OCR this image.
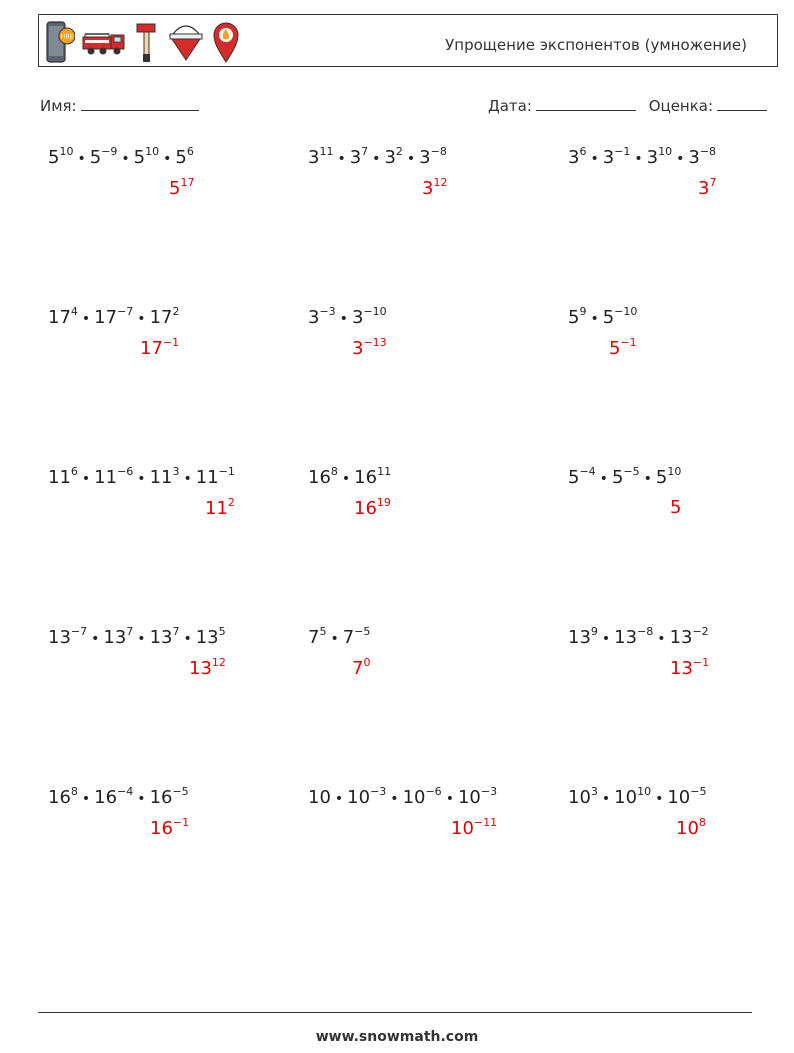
FIRE	Упрощение экспонентов (умножение)
Имя:	Дата:	Оценка:
$5^{10}$ • $5^{-9}$ • $5^{10}$ • $5^6$
$5^{17}$
$3^{11}$ • $3^7$ • $3^2$ • $3^{-8}$
$3^{12}$
$3^6$ • $3^{-1}$ • $3^{10}$ • $3^{-8}$
$3^7$
$17^4$ • $17^{-7}$ • $17^2$
$17^{-1}$
$3^{-3}$ • $3^{-10}$
$3^{-13}$
$5^9$ • $5^{-10}$
$5^{-1}$
$11^6$ • $11^{-6}$ • $11^3$ • $11^{-1}$
$11^2$
$16^8$ • $16^{11}$
$16^{19}$
$5^{-4}$ • $5^{-5}$ • $5^{10}$
5
$13^{-7}$ • $13^7$ • $13^7$ • $13^5$
$13^{12}$
$7^5$ • $7^{-5}$
$7^0$
$13^9$ • $13^{-8}$ • $13^{-2}$
$13^{-1}$
$16^8$ • $16^{-4}$ • $16^{-5}$
$16^{-1}$
10 • $10^{-3}$ • $10^{-6}$ • $10^{-3}$
$10^{-11}$
$10^3$ • $10^{10}$ • $10^{-5}$
$10^8$
www.snowmath.com
